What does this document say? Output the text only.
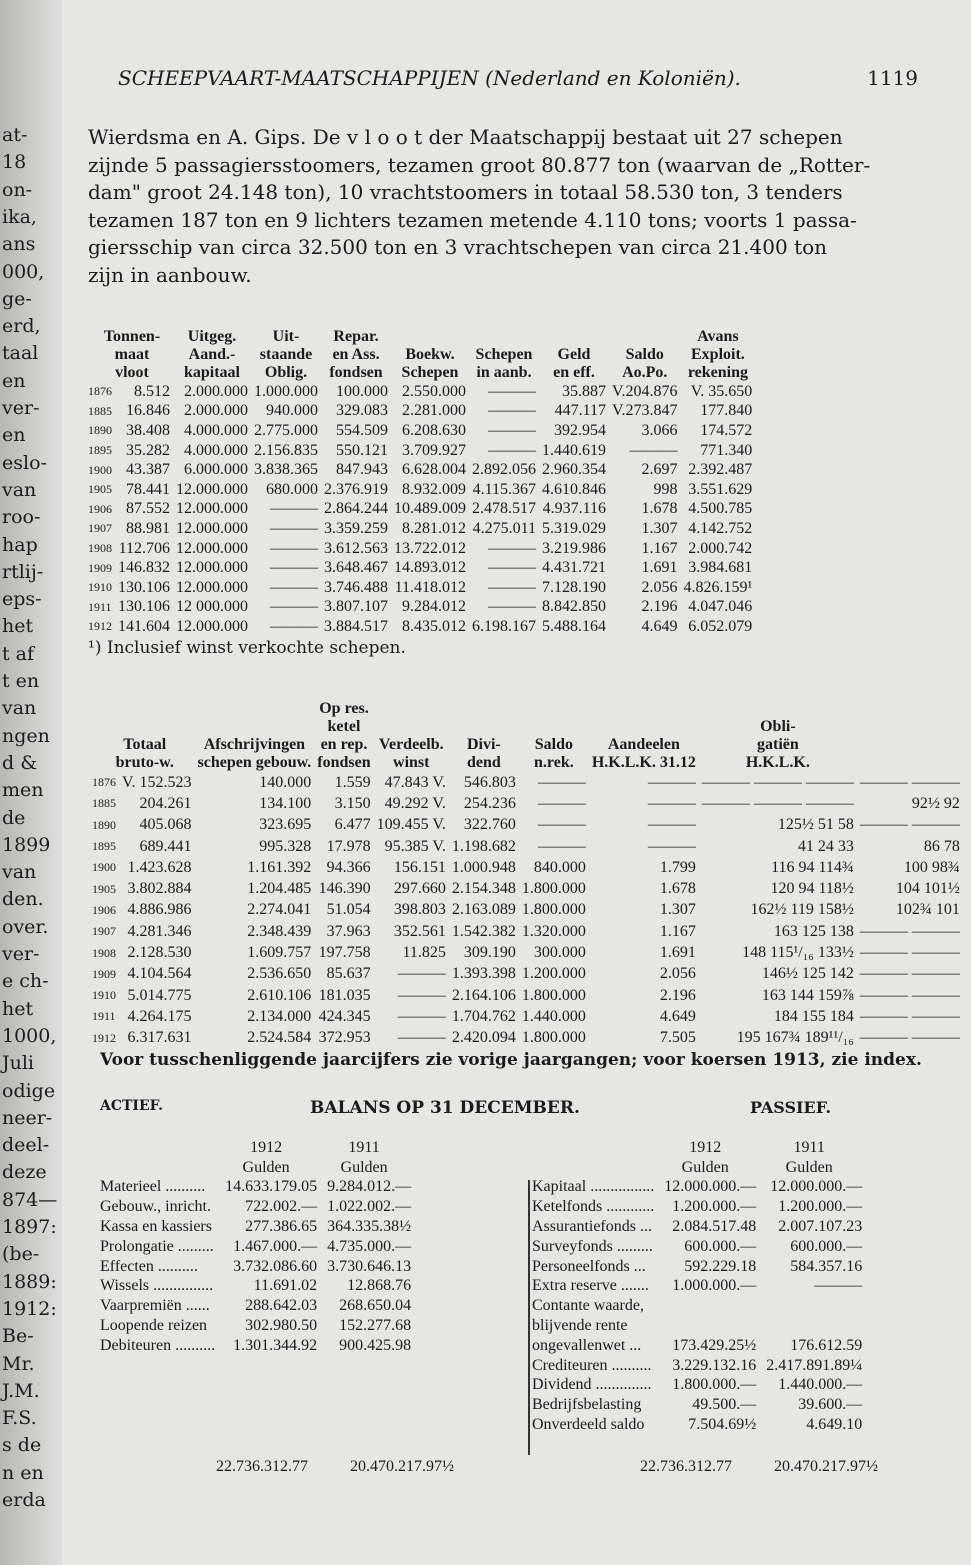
at-
18
on-
ika,
ans
000,
ge-
erd,
taal
en
ver-
en
eslo-
van
roo-
hap
rtlij-
eps-
het
t af
t en
van
ngen
d &
men
de
1899
van
den.
over.
ver-
e ch-
het
1000,
Juli
odige
neer-
deel-
deze
874—
1897:
(be-
1889:
1912:
Be-
Mr.
J.M.
F.S.
s de
n en
erda
SCHEEPVAART-MAATSCHAPPIJEN (Nederland en Koloniën).	1119

Wierdsma en A. Gips. De v l o o t der Maatschappij bestaat uit 27 schepen

zijnde 5 passagiersstoomers, tezamen groot 80.877 ton (waarvan de „Rotter-

dam" groot 24.148 ton), 10 vrachtstoomers in totaal 58.530 ton, 3 tenders

tezamen 187 ton en 9 lichters tezamen metende 4.110 tons; voorts 1 passa-

giersschip van circa 32.500 ton en 3 vrachtschepen van circa 21.400 ton

zijn in aanbouw.

Tonnen-		Uitgeg.	Uit-	Repar.					Avans
maat		Aand.-	staande	en Ass.	Boekw.	Schepen	Geld	Saldo	Exploit.
vloot		kapitaal	Oblig.	fondsen	Schepen	in aanb.	en eff.	Ao.Po.	rekening
1876	8.512	2.000.000	1.000.000	100.000	2.550.000	———	35.887	V.204.876	V. 35.650
1885	16.846	2.000.000	940.000	329.083	2.281.000	———	447.117	V.273.847	177.840
1890	38.408	4.000.000	2.775.000	554.509	6.208.630	———	392.954	3.066	174.572
1895	35.282	4.000.000	2.156.835	550.121	3.709.927	———	1.440.619	———	771.340
1900	43.387	6.000.000	3.838.365	847.943	6.628.004	2.892.056	2.960.354	2.697	2.392.487
1905	78.441	12.000.000	680.000	2.376.919	8.932.009	4.115.367	4.610.846	998	3.551.629
1906	87.552	12.000.000	———	2.864.244	10.489.009	2.478.517	4.937.116	1.678	4.500.785
1907	88.981	12.000.000	———	3.359.259	8.281.012	4.275.011	5.319.029	1.307	4.142.752
1908	112.706	12.000.000	———	3.612.563	13.722.012	———	3.219.986	1.167	2.000.742
1909	146.832	12.000.000	———	3.648.467	14.893.012	———	4.431.721	1.691	3.984.681
1910	130.106	12.000.000	———	3.746.488	11.418.012	———	7.128.190	2.056	4.826.159¹
1911	130.106	12 000.000	———	3.807.107	9.284.012	———	8.842.850	2.196	4.047.046
1912	141.604	12.000.000	———	3.884.517	8.435.012	6.198.167	5.488.164	4.649	6.052.079
¹) Inclusief winst verkochte schepen.
			Op res.						
			ketel					Obli-	
Totaal		Afschrijvingen	en rep.	Verdeelb.	Divi-	Saldo	Aandeelen	gatiën	
bruto-w.		schepen gebouw.	fondsen	winst	dend	n.rek.	H.K.L.K. 31.12	H.K.L.K.	
1876	V. 152.523	140.000	1.559	47.843 V.	546.803	———	———	——— ——— ———	——— ———
1885	204.261	134.100	3.150	49.292 V.	254.236	———	———	——— ——— ———	92½ 92
1890	405.068	323.695	6.477	109.455 V.	322.760	———	———	125½ 51 58	——— ———
1895	689.441	995.328	17.978	95.385 V.	1.198.682	———	———	41 24 33	86 78
1900	1.423.628	1.161.392	94.366	156.151	1.000.948	840.000	1.799	116 94 114¾	100 98¾
1905	3.802.884	1.204.485	146.390	297.660	2.154.348	1.800.000	1.678	120 94 118½	104 101½
1906	4.886.986	2.274.041	51.054	398.803	2.163.089	1.800.000	1.307	162½ 119 158½	102¾ 101
1907	4.281.346	2.348.439	37.963	352.561	1.542.382	1.320.000	1.167	163 125 138	——— ———
1908	2.128.530	1.609.757	197.758	11.825	309.190	300.000	1.691	148 115¹/₁₆ 133½	——— ———
1909	4.104.564	2.536.650	85.637	———	1.393.398	1.200.000	2.056	146½ 125 142	——— ———
1910	5.014.775	2.610.106	181.035	———	2.164.106	1.800.000	2.196	163 144 159⅞	——— ———
1911	4.264.175	2.134.000	424.345	———	1.704.762	1.440.000	4.649	184 155 184	——— ———
1912	6.317.631	2.524.584	372.953	———	2.420.094	1.800.000	7.505	195 167¾ 189¹¹/₁₆	——— ———
Voor tusschenliggende jaarcijfers zie vorige jaargangen; voor koersen 1913, zie index.
ACTIEF.	BALANS OP 31 DECEMBER.	PASSIEF.
	1912	1911
	Gulden	Gulden
Materieel ..........	14.633.179.05	9.284.012.—
Gebouw., inricht.	722.002.—	1.022.002.—
Kassa en kassiers	277.386.65	364.335.38½
Prolongatie .........	1.467.000.—	4.735.000.—
Effecten ..........	3.732.086.60	3.730.646.13
Wissels ...............	11.691.02	12.868.76
Vaarpremiën ......	288.642.03	268.650.04
Loopende reizen	302.980.50	152.277.68
Debiteuren ..........	1.301.344.92	900.425.98
	1912	1911
	Gulden	Gulden
Kapitaal ................	12.000.000.—	12.000.000.—
Ketelfonds ............	1.200.000.—	1.200.000.—
Assurantiefonds ...	2.084.517.48	2.007.107.23
Surveyfonds .........	600.000.—	600.000.—
Personeelfonds ...	592.229.18	584.357.16
Extra reserve .......	1.000.000.—	———
Contante waarde,		
blijvende rente		
ongevallenwet ...	173.429.25½	176.612.59
Crediteuren ..........	3.229.132.16	2.417.891.89¼
Dividend ..............	1.800.000.—	1.440.000.—
Bedrijfsbelasting	49.500.—	39.600.—
Onverdeeld saldo	7.504.69½	4.649.10
22.736.312.77	20.470.217.97½	22.736.312.77	20.470.217.97½
